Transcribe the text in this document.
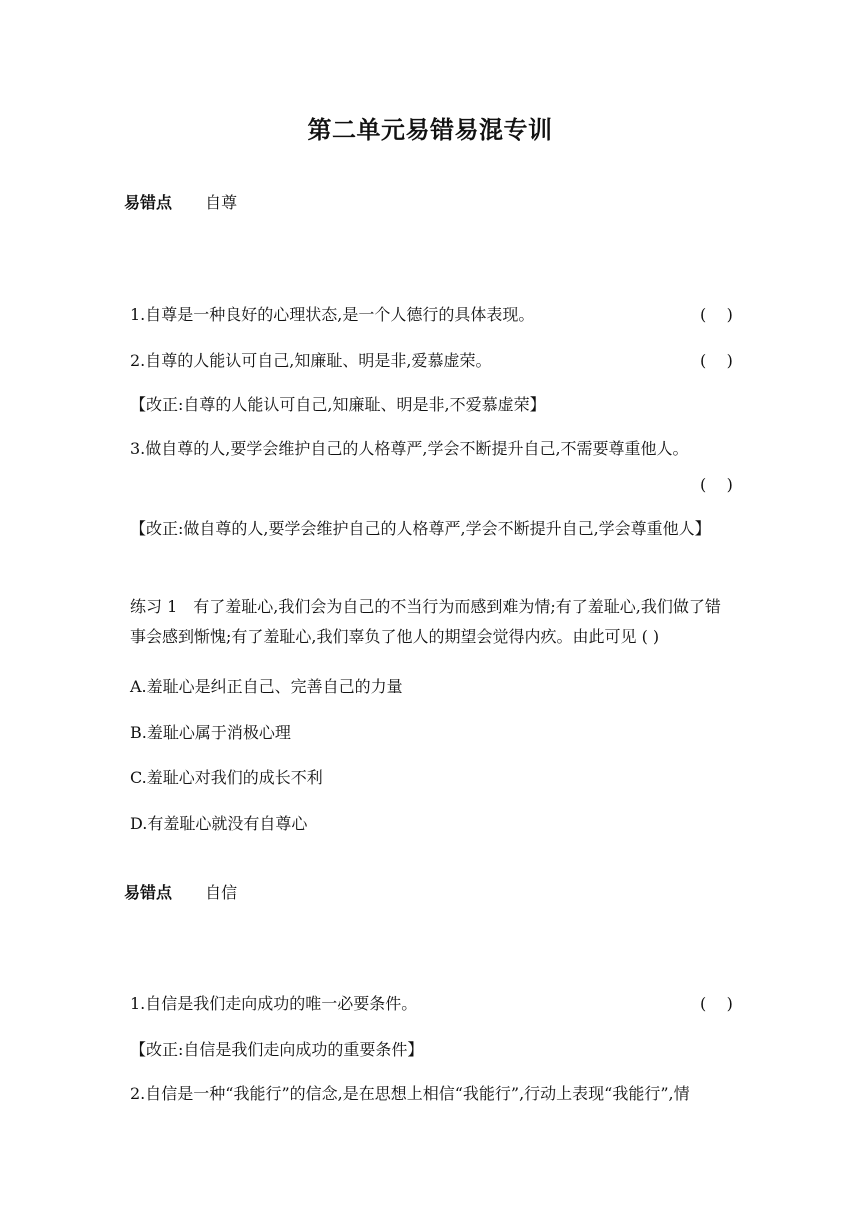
第二单元易错易混专训
易错点 自尊
1.自尊是一种良好的心理状态,是一个人德行的具体表现。	(    )
2.自尊的人能认可自己,知廉耻、明是非,爱慕虚荣。	(    )
【改正:自尊的人能认可自己,知廉耻、明是非,不爱慕虚荣】
3.做自尊的人,要学会维护自己的人格尊严,学会不断提升自己,不需要尊重他人。
(    )
【改正:做自尊的人,要学会维护自己的人格尊严,学会不断提升自己,学会尊重他人】
练习 1　有了羞耻心,我们会为自己的不当行为而感到难为情;有了羞耻心,我们做了错事会感到惭愧;有了羞耻心,我们辜负了他人的期望会觉得内疚。由此可见 ( )
A.羞耻心是纠正自己、完善自己的力量
B.羞耻心属于消极心理
C.羞耻心对我们的成长不利
D.有羞耻心就没有自尊心
易错点 自信
1.自信是我们走向成功的唯一必要条件。	(    )
【改正:自信是我们走向成功的重要条件】
2.自信是一种“我能行”的信念,是在思想上相信“我能行”,行动上表现“我能行”,情
